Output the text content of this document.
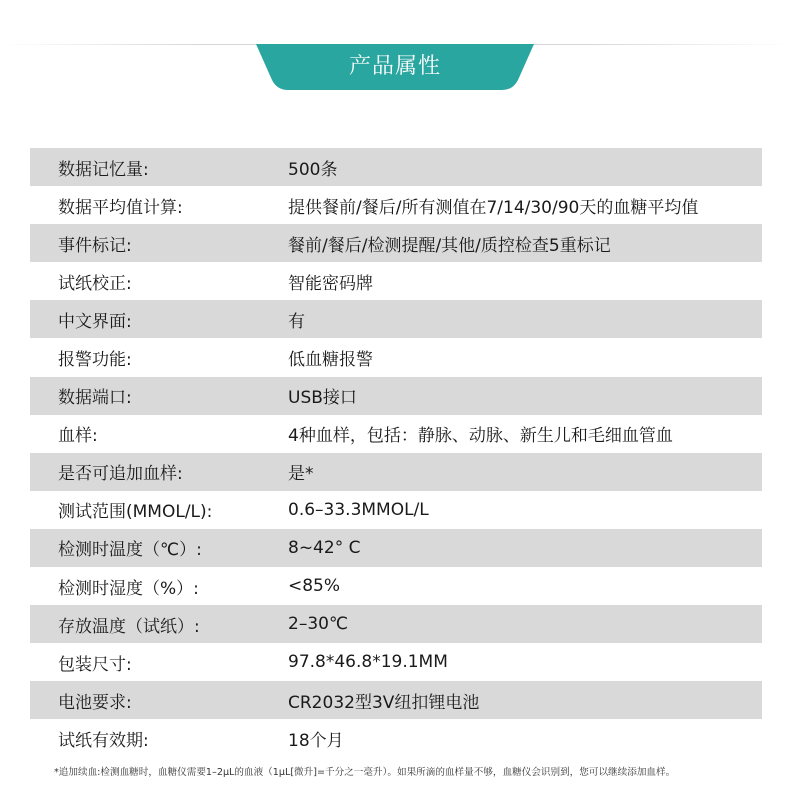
产品属性
数据记忆量:	500条
数据平均值计算:	提供餐前/餐后/所有测值在7/14/30/90天的血糖平均值
事件标记:	餐前/餐后/检测提醒/其他/质控检查5重标记
试纸校正:	智能密码牌
中文界面:	有
报警功能:	低血糖报警
数据端口:	USB接口
血样:	4种血样，包括：静脉、动脉、新生儿和毛细血管血
是否可追加血样:	是*
测试范围(MMOL/L):	0.6–33.3MMOL/L
检测时温度（℃）:	8~42° C
检测时湿度（%）:	<85%
存放温度（试纸）:	2–30℃
包装尺寸:	97.8*46.8*19.1MM
电池要求:	CR2032型3V纽扣锂电池
试纸有效期:	18个月
*追加续血:检测血糖时，血糖仪需要1–2μL的血液（1μL[微升]=千分之一毫升）。如果所滴的血样量不够，血糖仪会识别到，您可以继续添加血样。
